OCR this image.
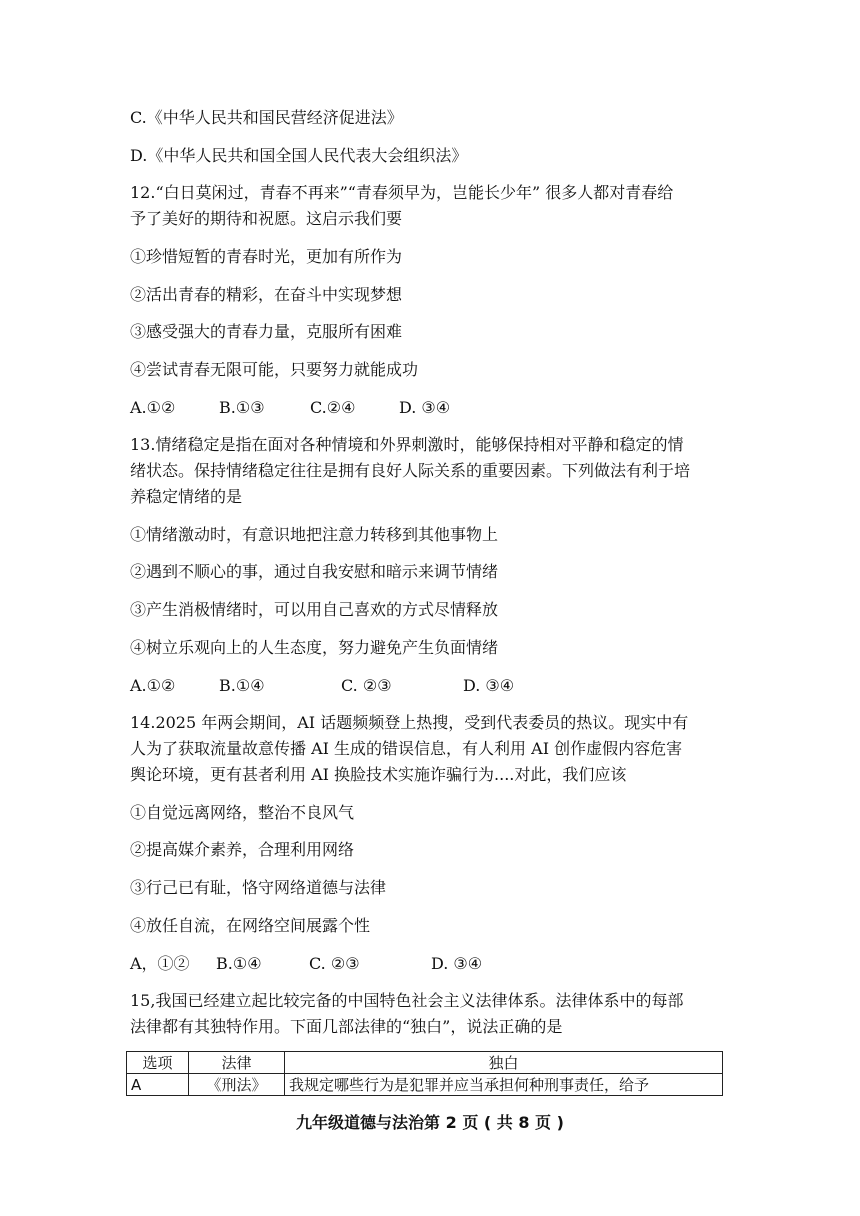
C.《中华人民共和国民营经济促进法》
D.《中华人民共和国全国人民代表大会组织法》
12.“白日莫闲过，青春不再来”“青春须早为，岂能长少年” 很多人都对青春给
予了美好的期待和祝愿。这启示我们要
①珍惜短暂的青春时光，更加有所作为
②活出青春的精彩，在奋斗中实现梦想
③感受强大的青春力量，克服所有困难
④尝试青春无限可能，只要努力就能成功
A.①②	B.①③	C.②④	D. ③④
13.情绪稳定是指在面对各种情境和外界刺激时，能够保持相对平静和稳定的情
绪状态。保持情绪稳定往往是拥有良好人际关系的重要因素。下列做法有利于培
养稳定情绪的是
①情绪激动时，有意识地把注意力转移到其他事物上
②遇到不顺心的事，通过自我安慰和暗示来调节情绪
③产生消极情绪时，可以用自己喜欢的方式尽情释放
④树立乐观向上的人生态度，努力避免产生负面情绪
A.①②	B.①④	C. ②③	D. ③④
14.2025 年两会期间，AI 话题频频登上热搜，受到代表委员的热议。现实中有
人为了获取流量故意传播 AI 生成的错误信息，有人利用 AI 创作虚假内容危害
舆论环境，更有甚者利用 AI 换脸技术实施诈骗行为....对此，我们应该
①自觉远离网络，整治不良风气
②提高媒介素养，合理利用网络
③行己已有耻，恪守网络道德与法律
④放任自流，在网络空间展露个性
A，①② B.①④	C. ②③	D. ③④
15,我国已经建立起比较完备的中国特色社会主义法律体系。法律体系中的每部
法律都有其独特作用。下面几部法律的“独白”，说法正确的是
选项	法律	独白
A	《刑法》	我规定哪些行为是犯罪并应当承担何种刑事责任，给予
九年级道德与法治第 2 页 ( 共 8 页 )
